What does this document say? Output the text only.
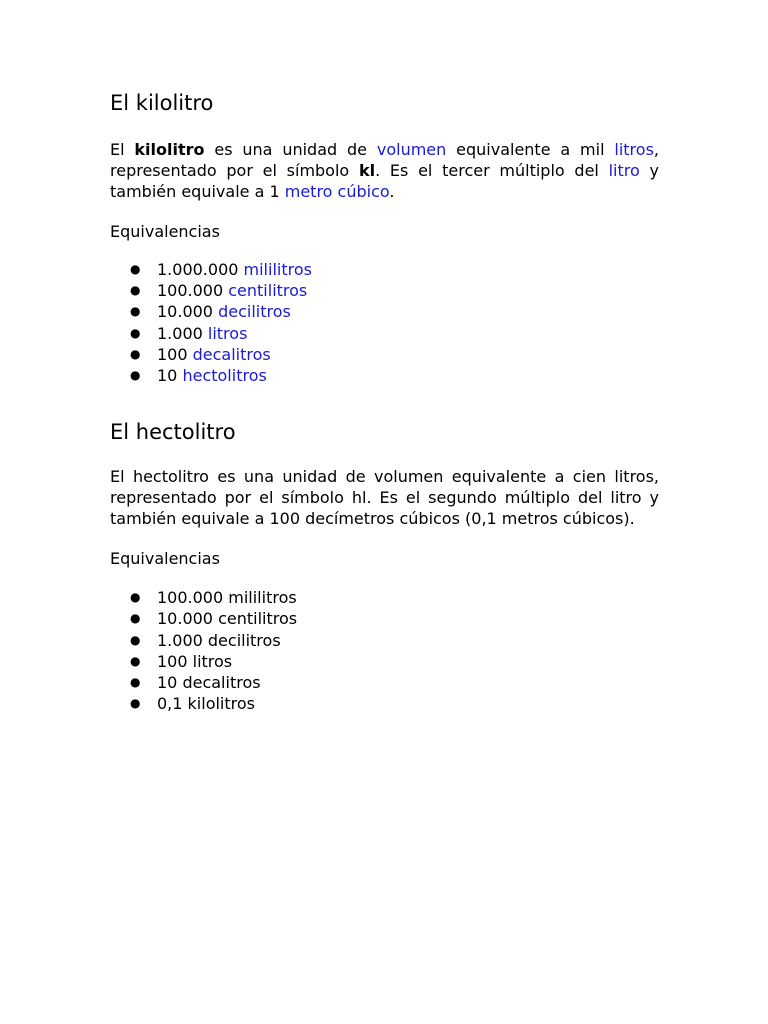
El kilolitro

El kilolitro es una unidad de volumen equivalente a mil litros, representado por el símbolo kl. Es el tercer múltiplo del litro y también equivale a 1 metro cúbico.

Equivalencias
● 1.000.000 mililitros
● 100.000 centilitros
● 10.000 decilitros
● 1.000 litros
● 100 decalitros
● 10 hectolitros
El hectolitro

El hectolitro es una unidad de volumen equivalente a cien litros, representado por el símbolo hl. Es el segundo múltiplo del litro y también equivale a 100 decímetros cúbicos (0,1 metros cúbicos).

Equivalencias
● 100.000 mililitros
● 10.000 centilitros
● 1.000 decilitros
● 100 litros
● 10 decalitros
● 0,1 kilolitros
